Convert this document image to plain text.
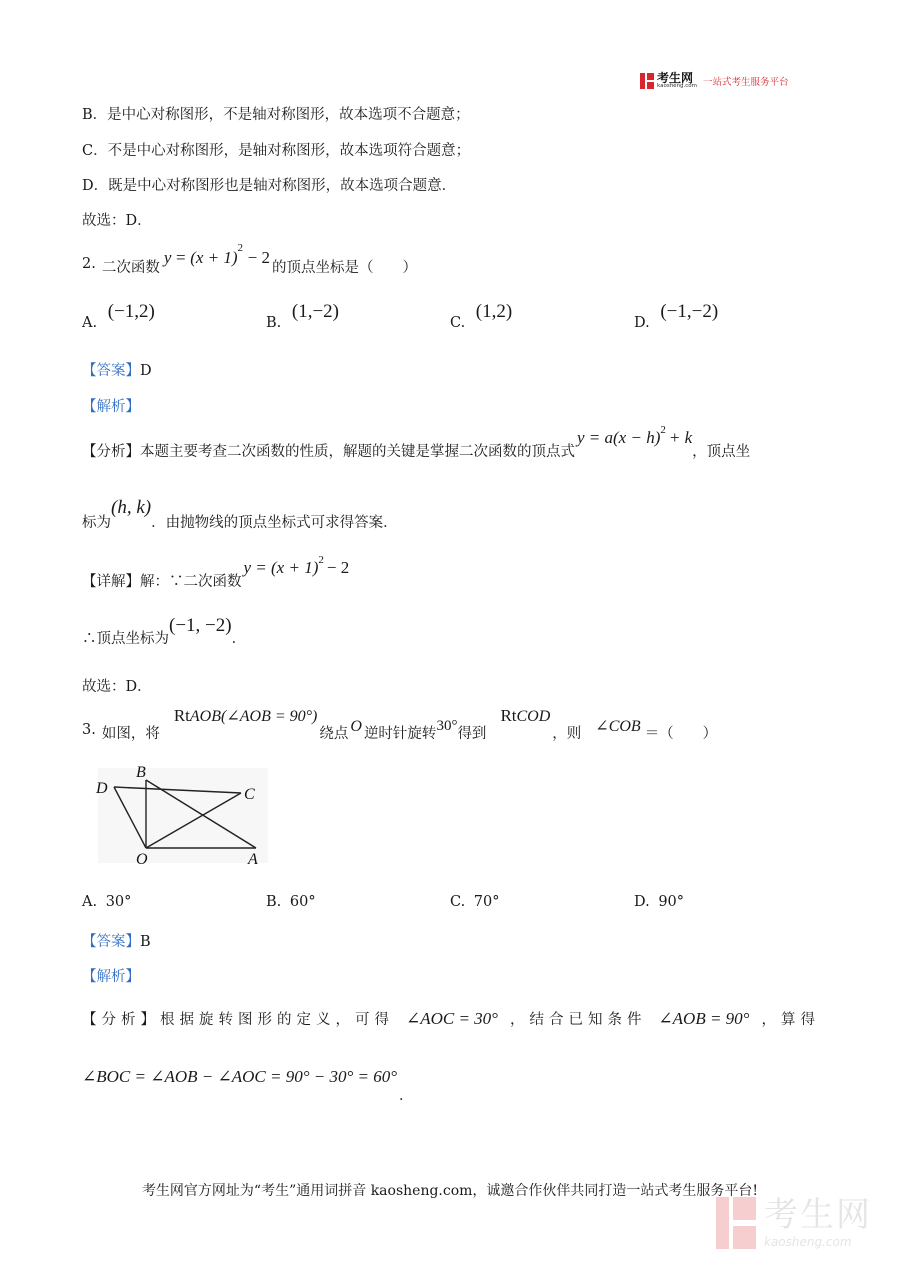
考生网
kaosheng.com 一站式考生服务平台
B．是中心对称图形，不是轴对称图形，故本选项不合题意；
C．不是中心对称图形，是轴对称图形，故本选项符合题意；
D．既是中心对称图形也是轴对称图形，故本选项合题意．
故选：D．
2. 二次函数
$y = (x + 1)^2 - 2$
的顶点坐标是（　　）
A. (−1,2)
B. (1,−2)
C. (1,2)
D. (−1,−2)
【答案】D
【解析】
【分析】本题主要考查二次函数的性质，解题的关键是掌握二次函数的顶点式
$y = a(x - h)^2 + k$
，顶点坐
标为
(h, k)
．由抛物线的顶点坐标式可求得答案．
【详解】解：∵二次函数
$y = (x + 1)^2 - 2$
∴顶点坐标为
(−1, −2)
．
故选：D．
3. 如图，将
RtAOB(∠AOB = 90°)
绕点 O 逆时针旋转 30° 得到
RtCOD
，则 ∠COB ＝（　　）
B
D	C
O	A
A. 30°	B. 60°	C. 70°	D. 90°
【答案】B
【解析】
【分析】根据旋转图形的定义，可得 ∠AOC = 30° ，结合已知条件 ∠AOB = 90° ，算得
∠BOC = ∠AOB − ∠AOC = 90° − 30° = 60°
．
考生网官方网址为“考生”通用词拼音 kaosheng.com，诚邀合作伙伴共同打造一站式考生服务平台!
考生网
kaosheng.com
